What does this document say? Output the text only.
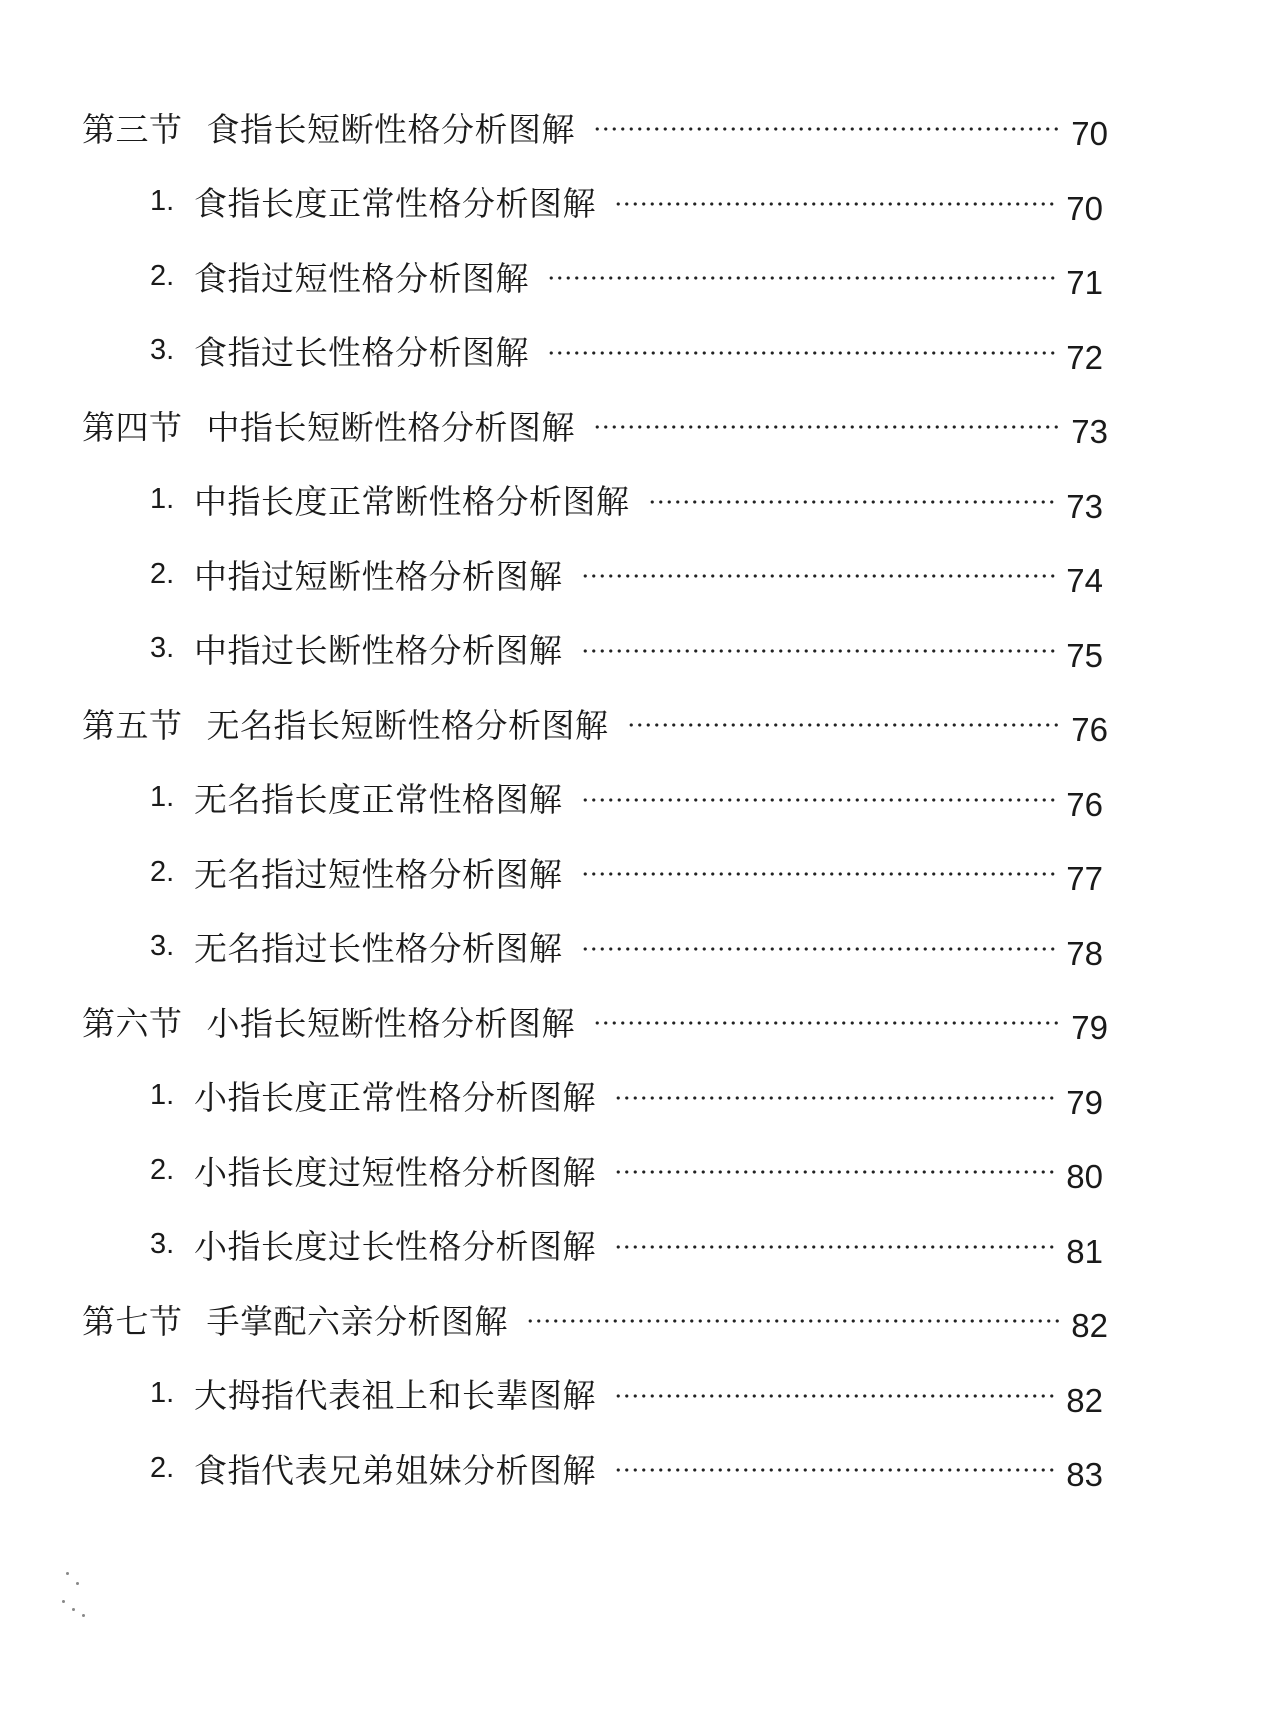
第三节 食指长短断性格分析图解	70
1. 食指长度正常性格分析图解	70
2. 食指过短性格分析图解	71
3. 食指过长性格分析图解	72
第四节 中指长短断性格分析图解	73
1. 中指长度正常断性格分析图解	73
2. 中指过短断性格分析图解	74
3. 中指过长断性格分析图解	75
第五节 无名指长短断性格分析图解	76
1. 无名指长度正常性格图解	76
2. 无名指过短性格分析图解	77
3. 无名指过长性格分析图解	78
第六节 小指长短断性格分析图解	79
1. 小指长度正常性格分析图解	79
2. 小指长度过短性格分析图解	80
3. 小指长度过长性格分析图解	81
第七节 手掌配六亲分析图解	82
1. 大拇指代表祖上和长辈图解	82
2. 食指代表兄弟姐妹分析图解	83
